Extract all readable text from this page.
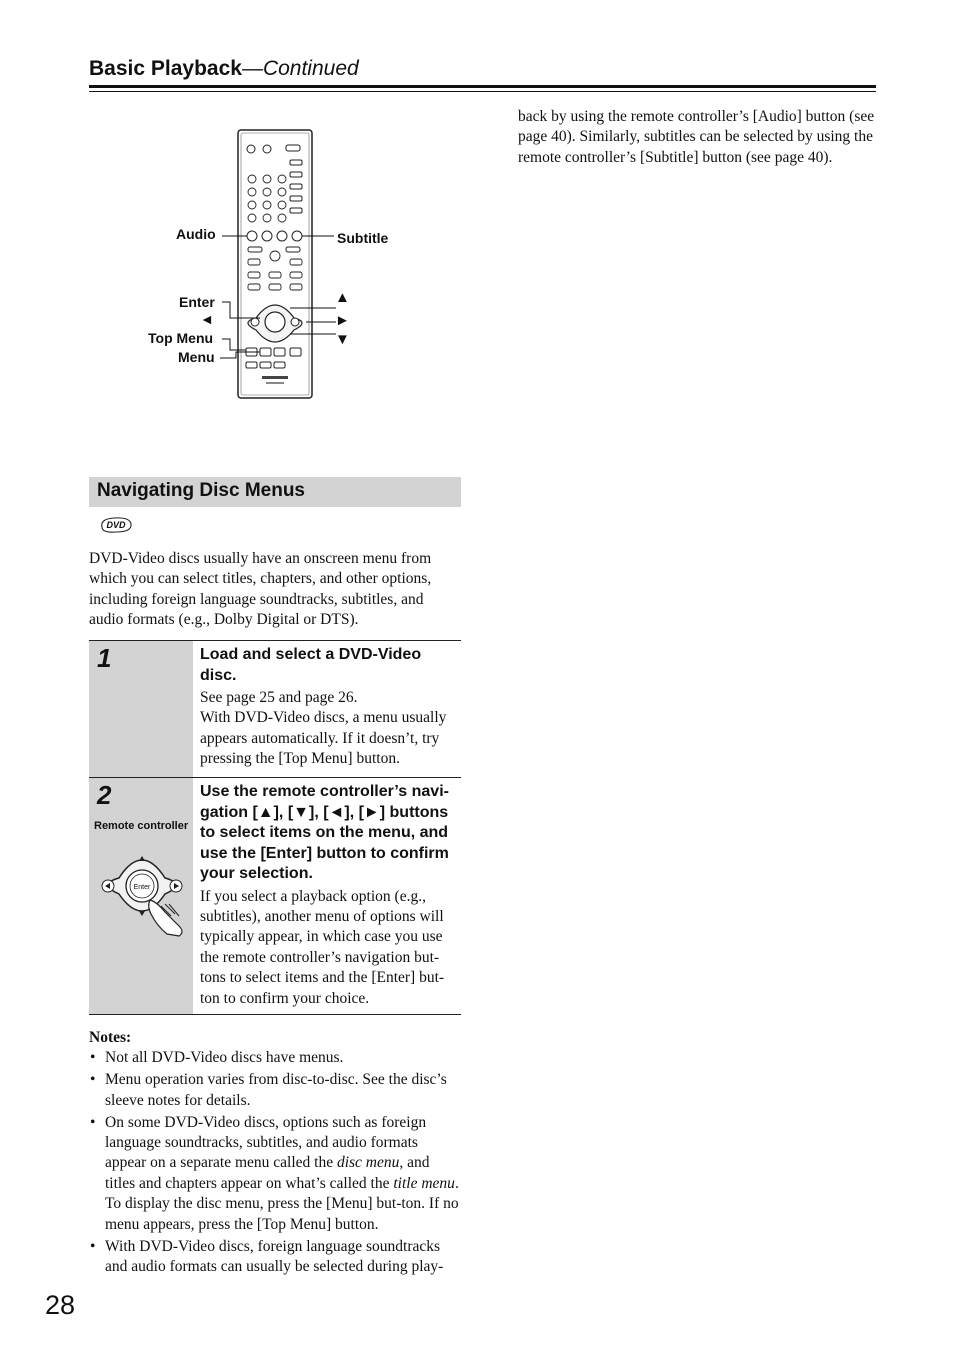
Basic Playback—Continued
Audio	Subtitle
Enter
◄
Top Menu
Menu
▲
►
▼
Navigating Disc Menus
DVD
DVD-Video discs usually have an onscreen menu from which you can select titles, chapters, and other options, including foreign language soundtracks, subtitles, and audio formats (e.g., Dolby Digital or DTS).
1	Load and select a DVD-Video disc.
See page 25 and page 26.
With DVD-Video discs, a menu usually appears automatically. If it doesn’t, try pressing the [Top Menu] button.
2
Remote controller
Enter
Use the remote controller’s navi-gation [▲], [▼], [◄], [►] buttons to select items on the menu, and use the [Enter] button to confirm your selection.
If you select a playback option (e.g., subtitles), another menu of options will typically appear, in which case you use the remote controller’s navigation but-tons to select items and the [Enter] but-ton to confirm your choice.
Notes:
• Not all DVD-Video discs have menus.
• Menu operation varies from disc-to-disc. See the disc’s sleeve notes for details.
• On some DVD-Video discs, options such as foreign language soundtracks, subtitles, and audio formats appear on a separate menu called the disc menu, and titles and chapters appear on what’s called the title menu. To display the disc menu, press the [Menu] but-ton. If no menu appears, press the [Top Menu] button.
• With DVD-Video discs, foreign language soundtracks and audio formats can usually be selected during play-
back by using the remote controller’s [Audio] button (see page 40). Similarly, subtitles can be selected by using the remote controller’s [Subtitle] button (see page 40).
28
